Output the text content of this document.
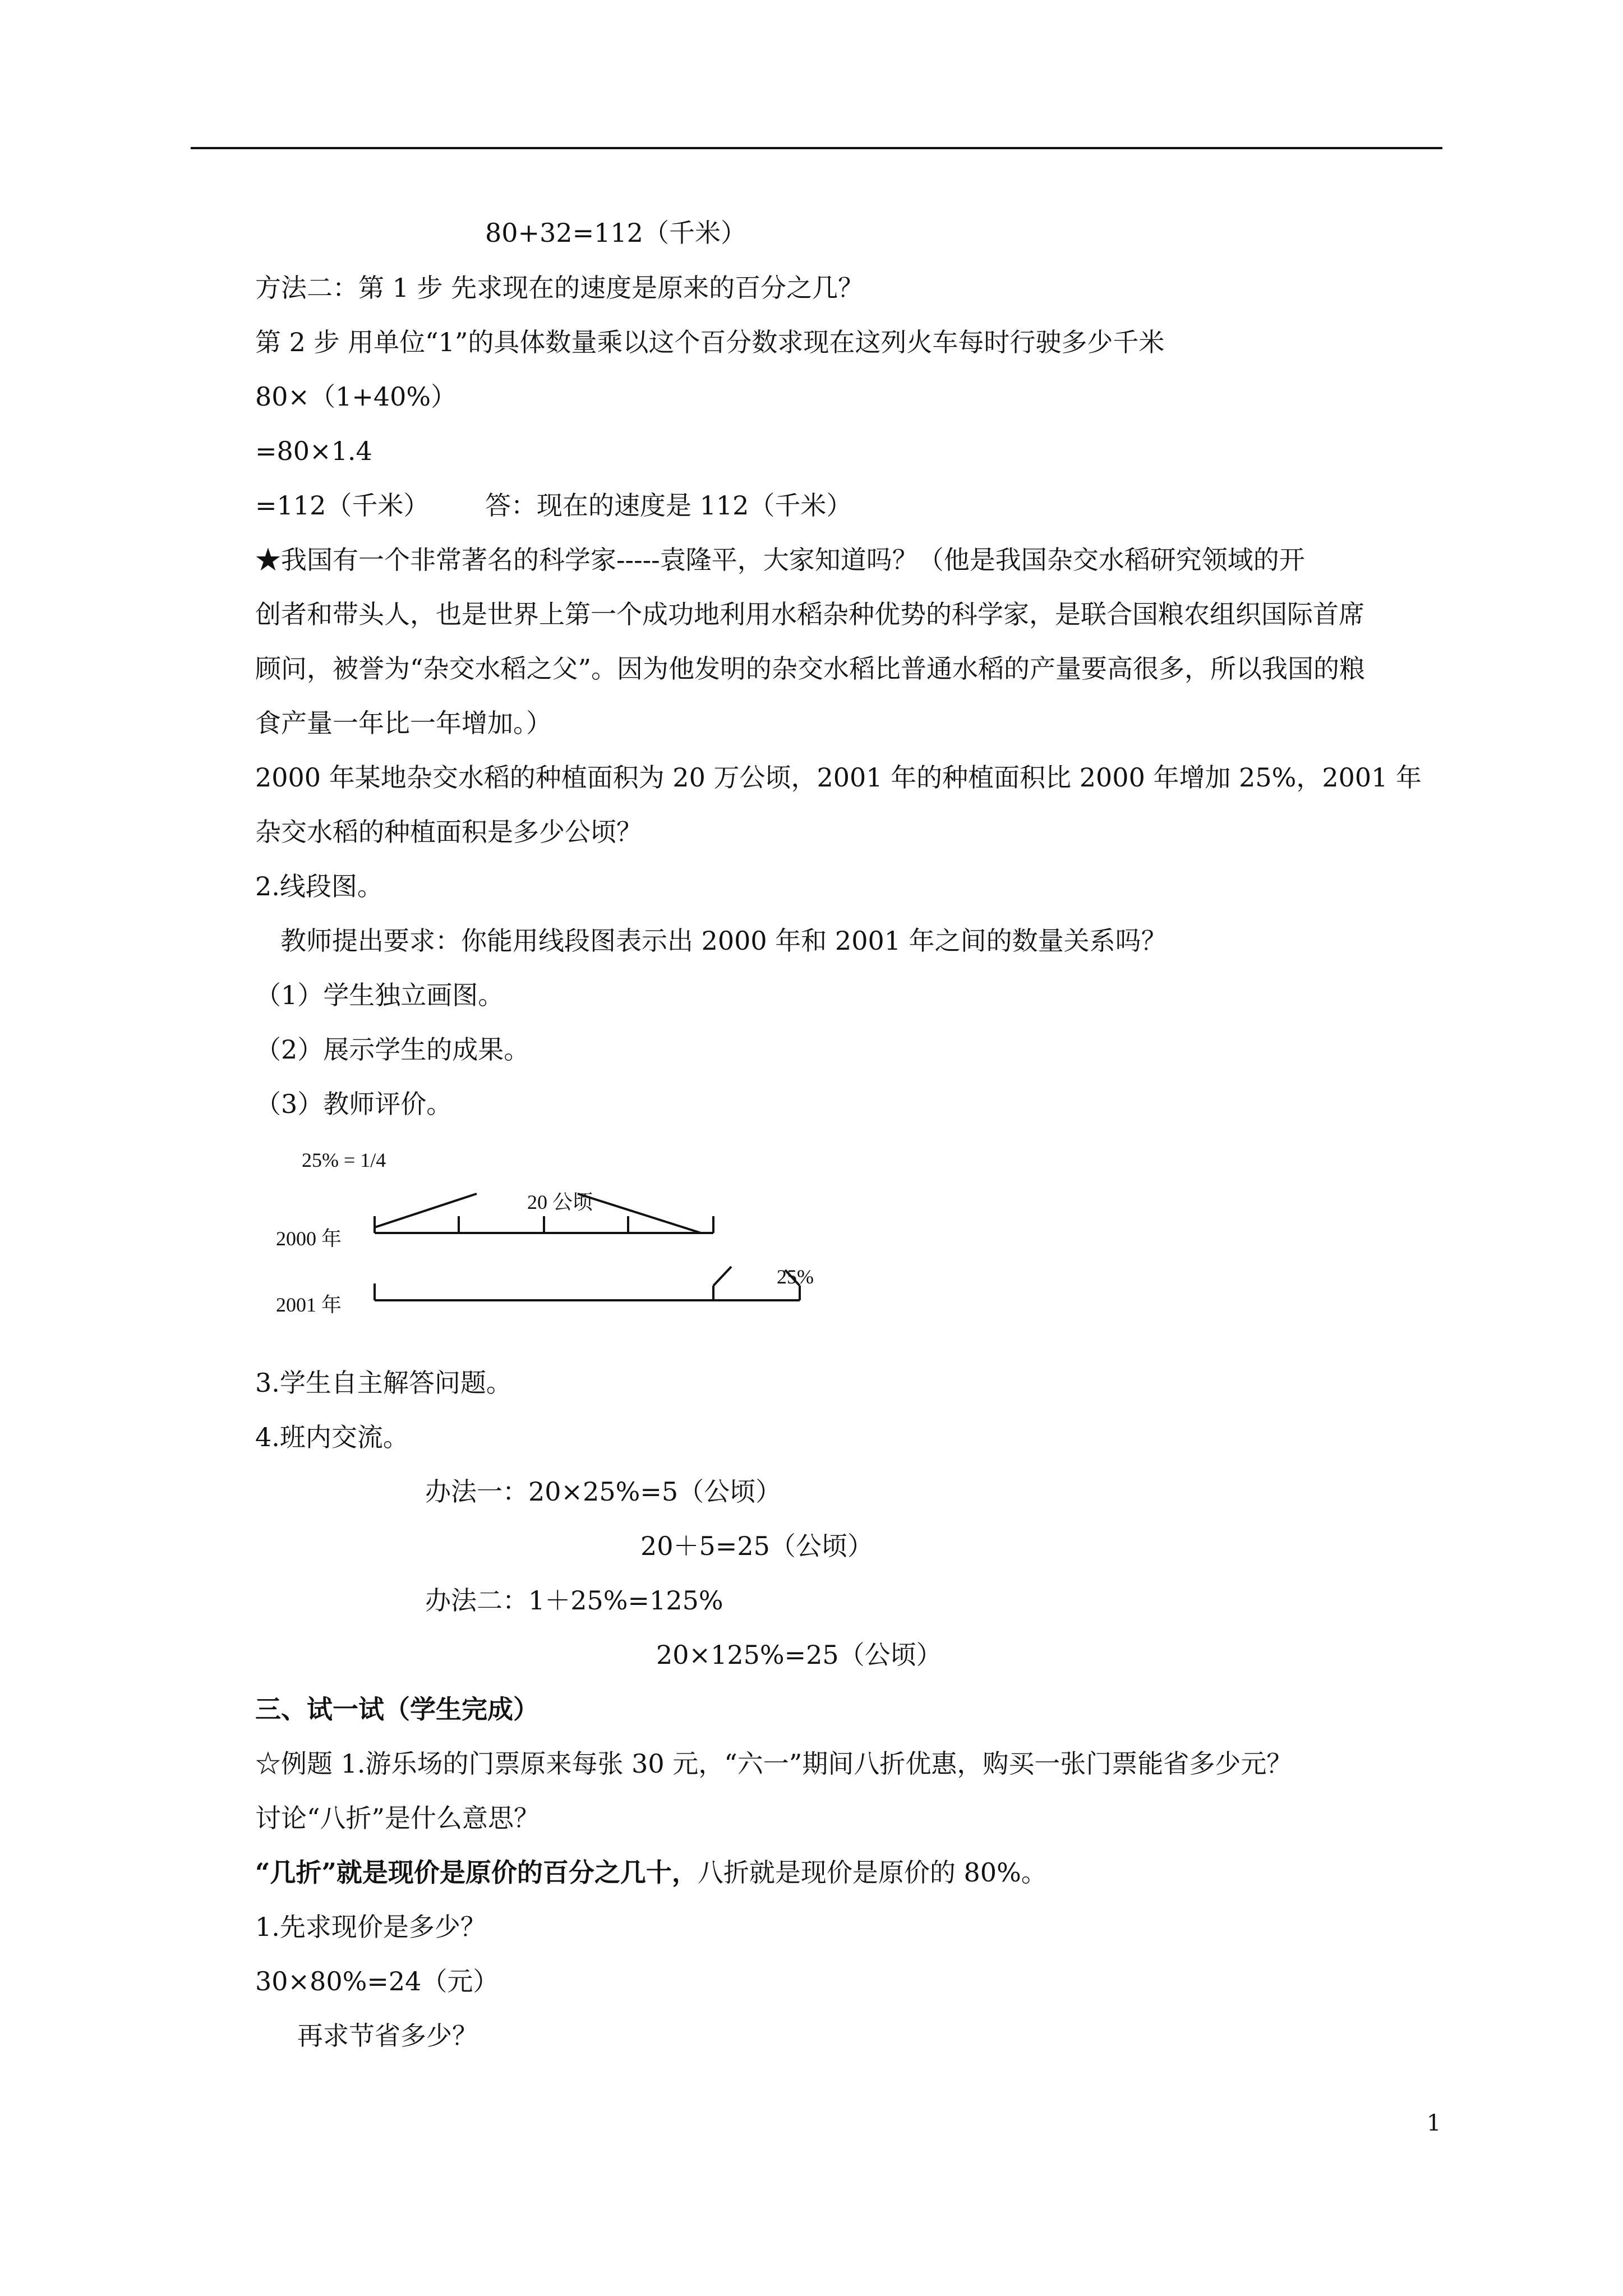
80+32=112（千米）
方法二：第 1 步 先求现在的速度是原来的百分之几？
第 2 步 用单位“1”的具体数量乘以这个百分数求现在这列火车每时行驶多少千米
80×（1+40%）
=80×1.4
=112（千米） 答：现在的速度是 112（千米）
★我国有一个非常著名的科学家-----袁隆平，大家知道吗？（他是我国杂交水稻研究领域的开
创者和带头人，也是世界上第一个成功地利用水稻杂种优势的科学家，是联合国粮农组织国际首席
顾问，被誉为“杂交水稻之父”。因为他发明的杂交水稻比普通水稻的产量要高很多，所以我国的粮
食产量一年比一年增加。）
2000 年某地杂交水稻的种植面积为 20 万公顷，2001 年的种植面积比 2000 年增加 25%，2001 年
杂交水稻的种植面积是多少公顷？
2.线段图。
教师提出要求：你能用线段图表示出 2000 年和 2001 年之间的数量关系吗？
（1）学生独立画图。
（2）展示学生的成果。
（3）教师评价。
25% = 1/4
20 公顷
2000 年
2001 年
25%
3.学生自主解答问题。
4.班内交流。
办法一：20×25%=5（公顷）
20＋5=25（公顷）
办法二：1＋25%=125%
20×125%=25（公顷）
三、试一试（学生完成）
☆例题 1.游乐场的门票原来每张 30 元，“六一”期间八折优惠，购买一张门票能省多少元？
讨论“八折”是什么意思？
“几折”就是现价是原价的百分之几十，八折就是现价是原价的 80%。
1.先求现价是多少？
30×80%=24（元）
再求节省多少？
1
